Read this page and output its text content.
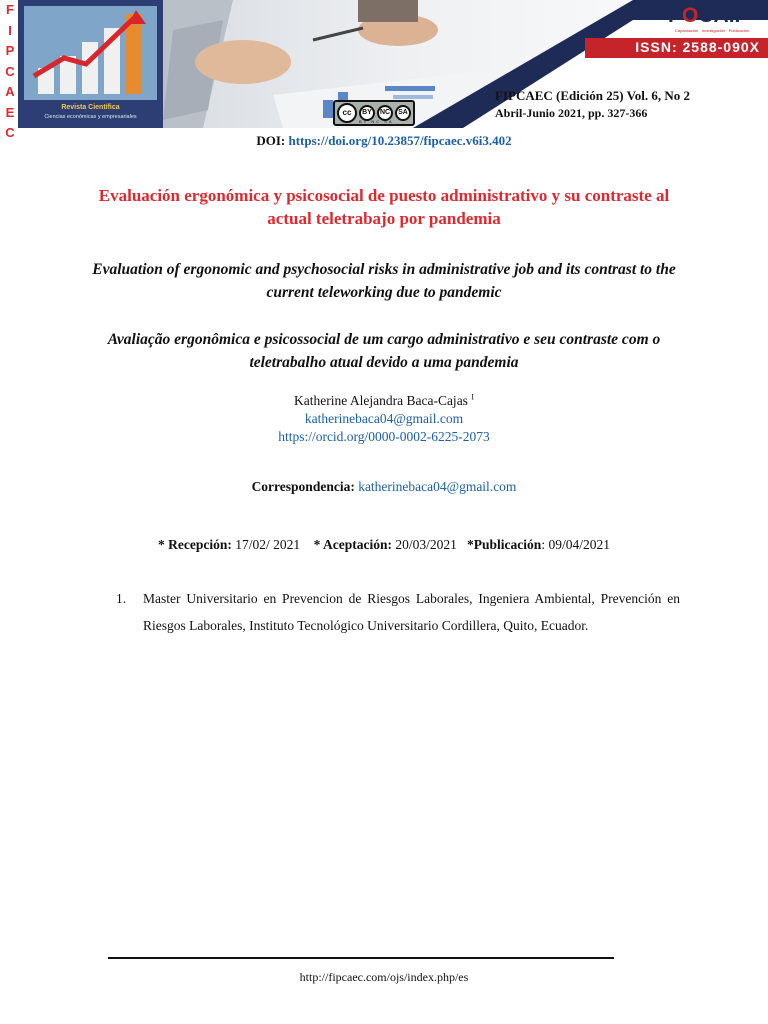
F
I
P
C
A
E
C
Revista Científica
Ciencias económicas y empresariales
POCAIP
Capacitación · Investigación · Publicación
ISSN: 2588-090X
cc	BY	NC	SA
BY NC SA
FIPCAEC (Edición 25) Vol. 6, No 2
Abril-Junio 2021, pp. 327-366
DOI: https://doi.org/10.23857/fipcaec.v6i3.402
Evaluación ergonómica y psicosocial de puesto administrativo y su contraste al actual teletrabajo por pandemia
Evaluation of ergonomic and psychosocial risks in administrative job and its contrast to the current teleworking due to pandemic
Avaliação ergonômica e psicossocial de um cargo administrativo e seu contraste com o teletrabalho atual devido a uma pandemia
Katherine Alejandra Baca-Cajas $^I$
katherinebaca04@gmail.com
https://orcid.org/0000-0002-6225-2073
Correspondencia: katherinebaca04@gmail.com
* Recepción: 17/02/ 2021 * Aceptación: 20/03/2021 *Publicación: 09/04/2021
1.	Master Universitario en Prevencion de Riesgos Laborales, Ingeniera Ambiental, Prevención en Riesgos Laborales, Instituto Tecnológico Universitario Cordillera, Quito, Ecuador.
http://fipcaec.com/ojs/index.php/es
